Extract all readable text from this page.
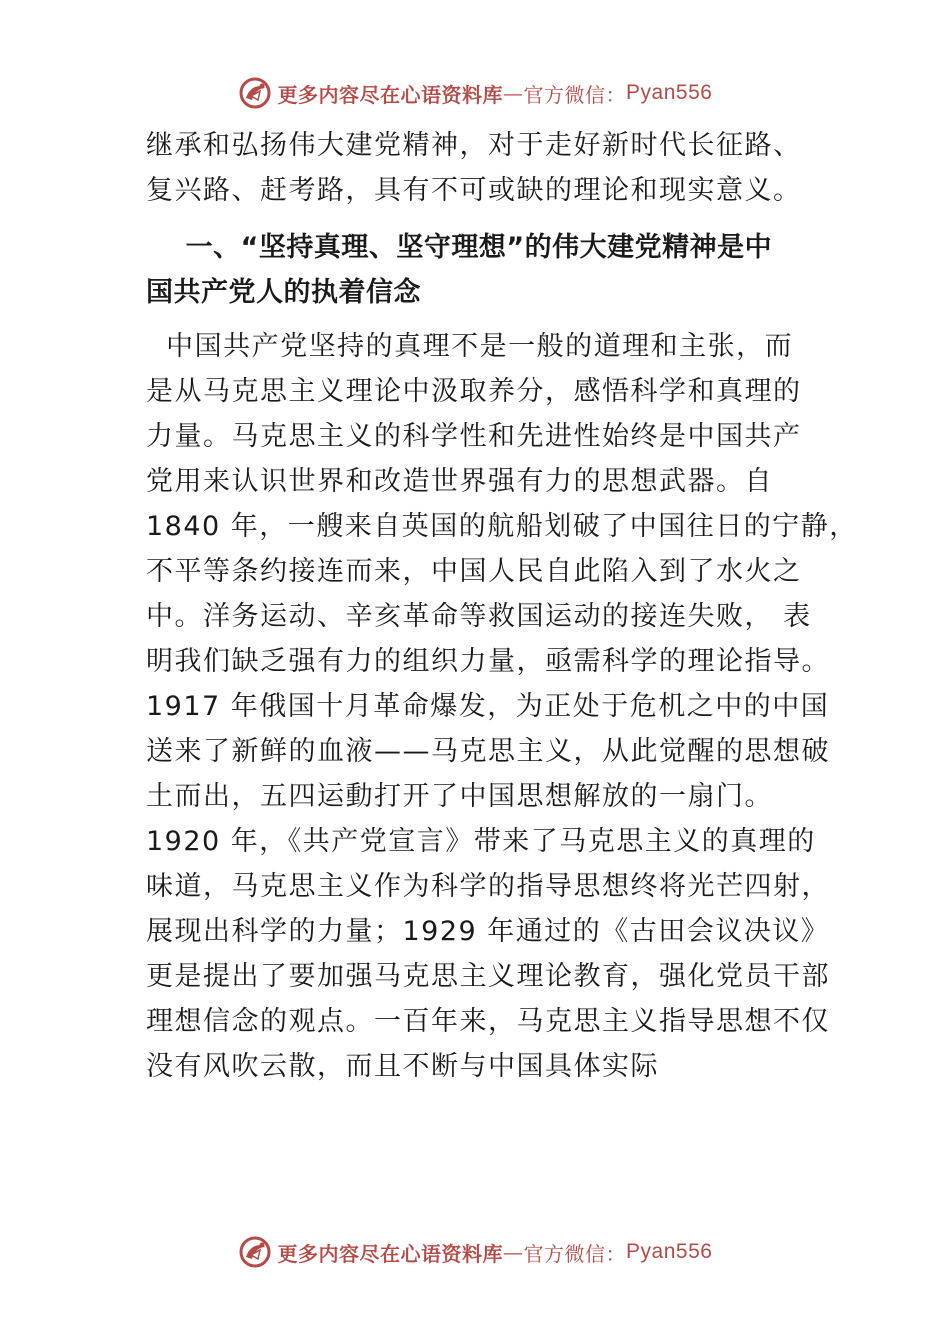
更多内容尽在心语资料库 — 官方微信： Pyan556
继承和弘扬伟大建党精神，对于走好新时代长征路、
复兴路、赶考路，具有不可或缺的理论和现实意义。
一、“坚持真理、坚守理想”的伟大建党精神是中
国共产党人的执着信念
中国共产党坚持的真理不是一般的道理和主张，而
是从马克思主义理论中汲取养分，感悟科学和真理的
力量。马克思主义的科学性和先进性始终是中国共产
党用来认识世界和改造世界强有力的思想武器。自
1840 年，一艘来自英国的航船划破了中国往日的宁静，
不平等条约接连而来，中国人民自此陷入到了水火之
中。洋务运动、辛亥革命等救国运动的接连失败， 表
明我们缺乏强有力的组织力量，亟需科学的理论指导。
1917 年俄国十月革命爆发，为正处于危机之中的中国
送来了新鲜的血液——马克思主义，从此觉醒的思想破
土而出，五四运動打开了中国思想解放的一扇门。
1920 年，《共产党宣言》带来了马克思主义的真理的
味道，马克思主义作为科学的指导思想终将光芒四射，
展现出科学的力量；1929 年通过的《古田会议决议》
更是提出了要加强马克思主义理论教育，强化党员干部
理想信念的观点。一百年来，马克思主义指导思想不仅
没有风吹云散，而且不断与中国具体实际
更多内容尽在心语资料库 — 官方微信： Pyan556
